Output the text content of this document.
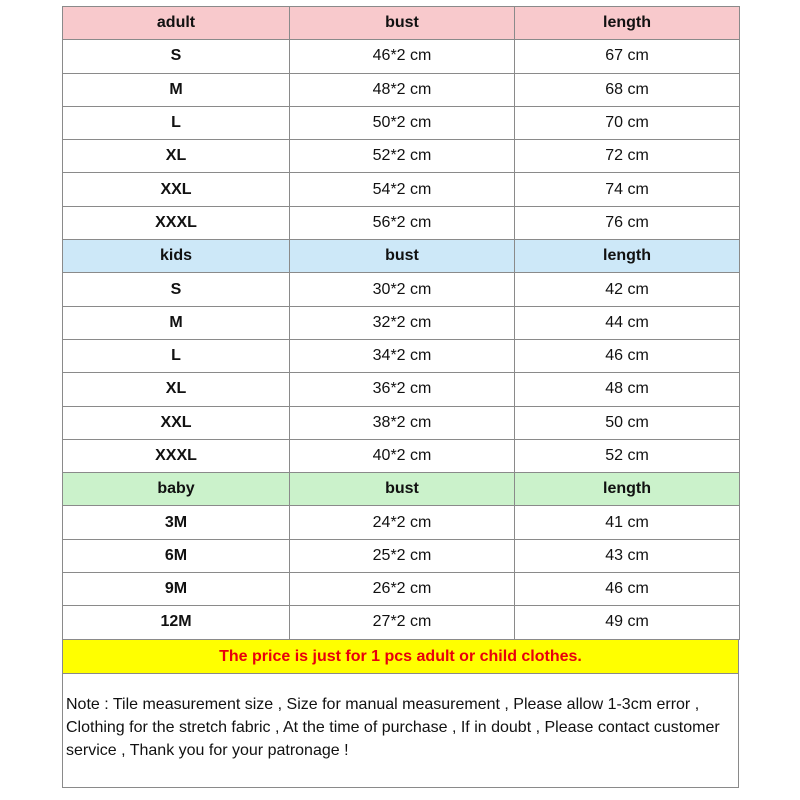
adult	bust	length
S	46*2 cm	67 cm
M	48*2 cm	68 cm
L	50*2 cm	70 cm
XL	52*2 cm	72 cm
XXL	54*2 cm	74 cm
XXXL	56*2 cm	76 cm
kids	bust	length
S	30*2 cm	42 cm
M	32*2 cm	44 cm
L	34*2 cm	46 cm
XL	36*2 cm	48 cm
XXL	38*2 cm	50 cm
XXXL	40*2 cm	52 cm
baby	bust	length
3M	24*2 cm	41 cm
6M	25*2 cm	43 cm
9M	26*2 cm	46 cm
12M	27*2 cm	49 cm
The price is just for 1 pcs adult or child clothes.
Note : Tile measurement size , Size for manual measurement , Please allow 1-3cm error , Clothing for the stretch fabric , At the time of purchase , If in doubt , Please contact customer service , Thank you for your patronage !
